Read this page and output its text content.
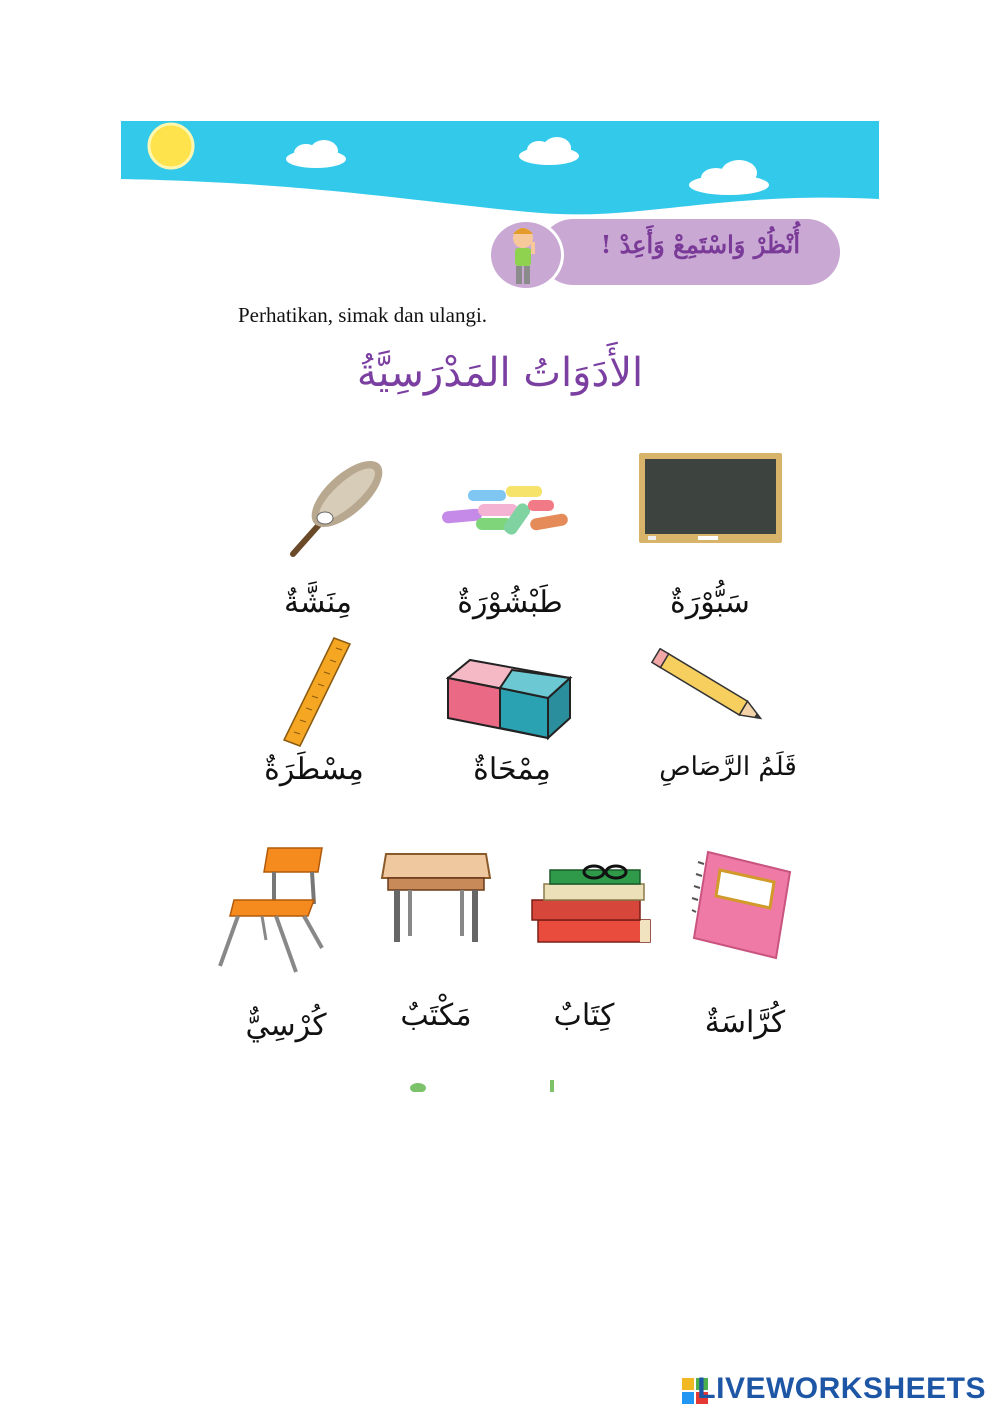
أُنْظُرْ وَاسْتَمِعْ وَأَعِدْ !
Perhatikan, simak dan ulangi.
الأَدَوَاتُ المَدْرَسِيَّةُ
سَبُّوْرَةٌ
طَبْشُوْرَةٌ
مِنَشَّةٌ
قَلَمُ الرَّصَاصِ
مِمْحَاةٌ
مِسْطَرَةٌ
كُرَّاسَةٌ
كِتَابٌ
مَكْتَبٌ
كُرْسِيٌّ
LIVEWORKSHEETS
